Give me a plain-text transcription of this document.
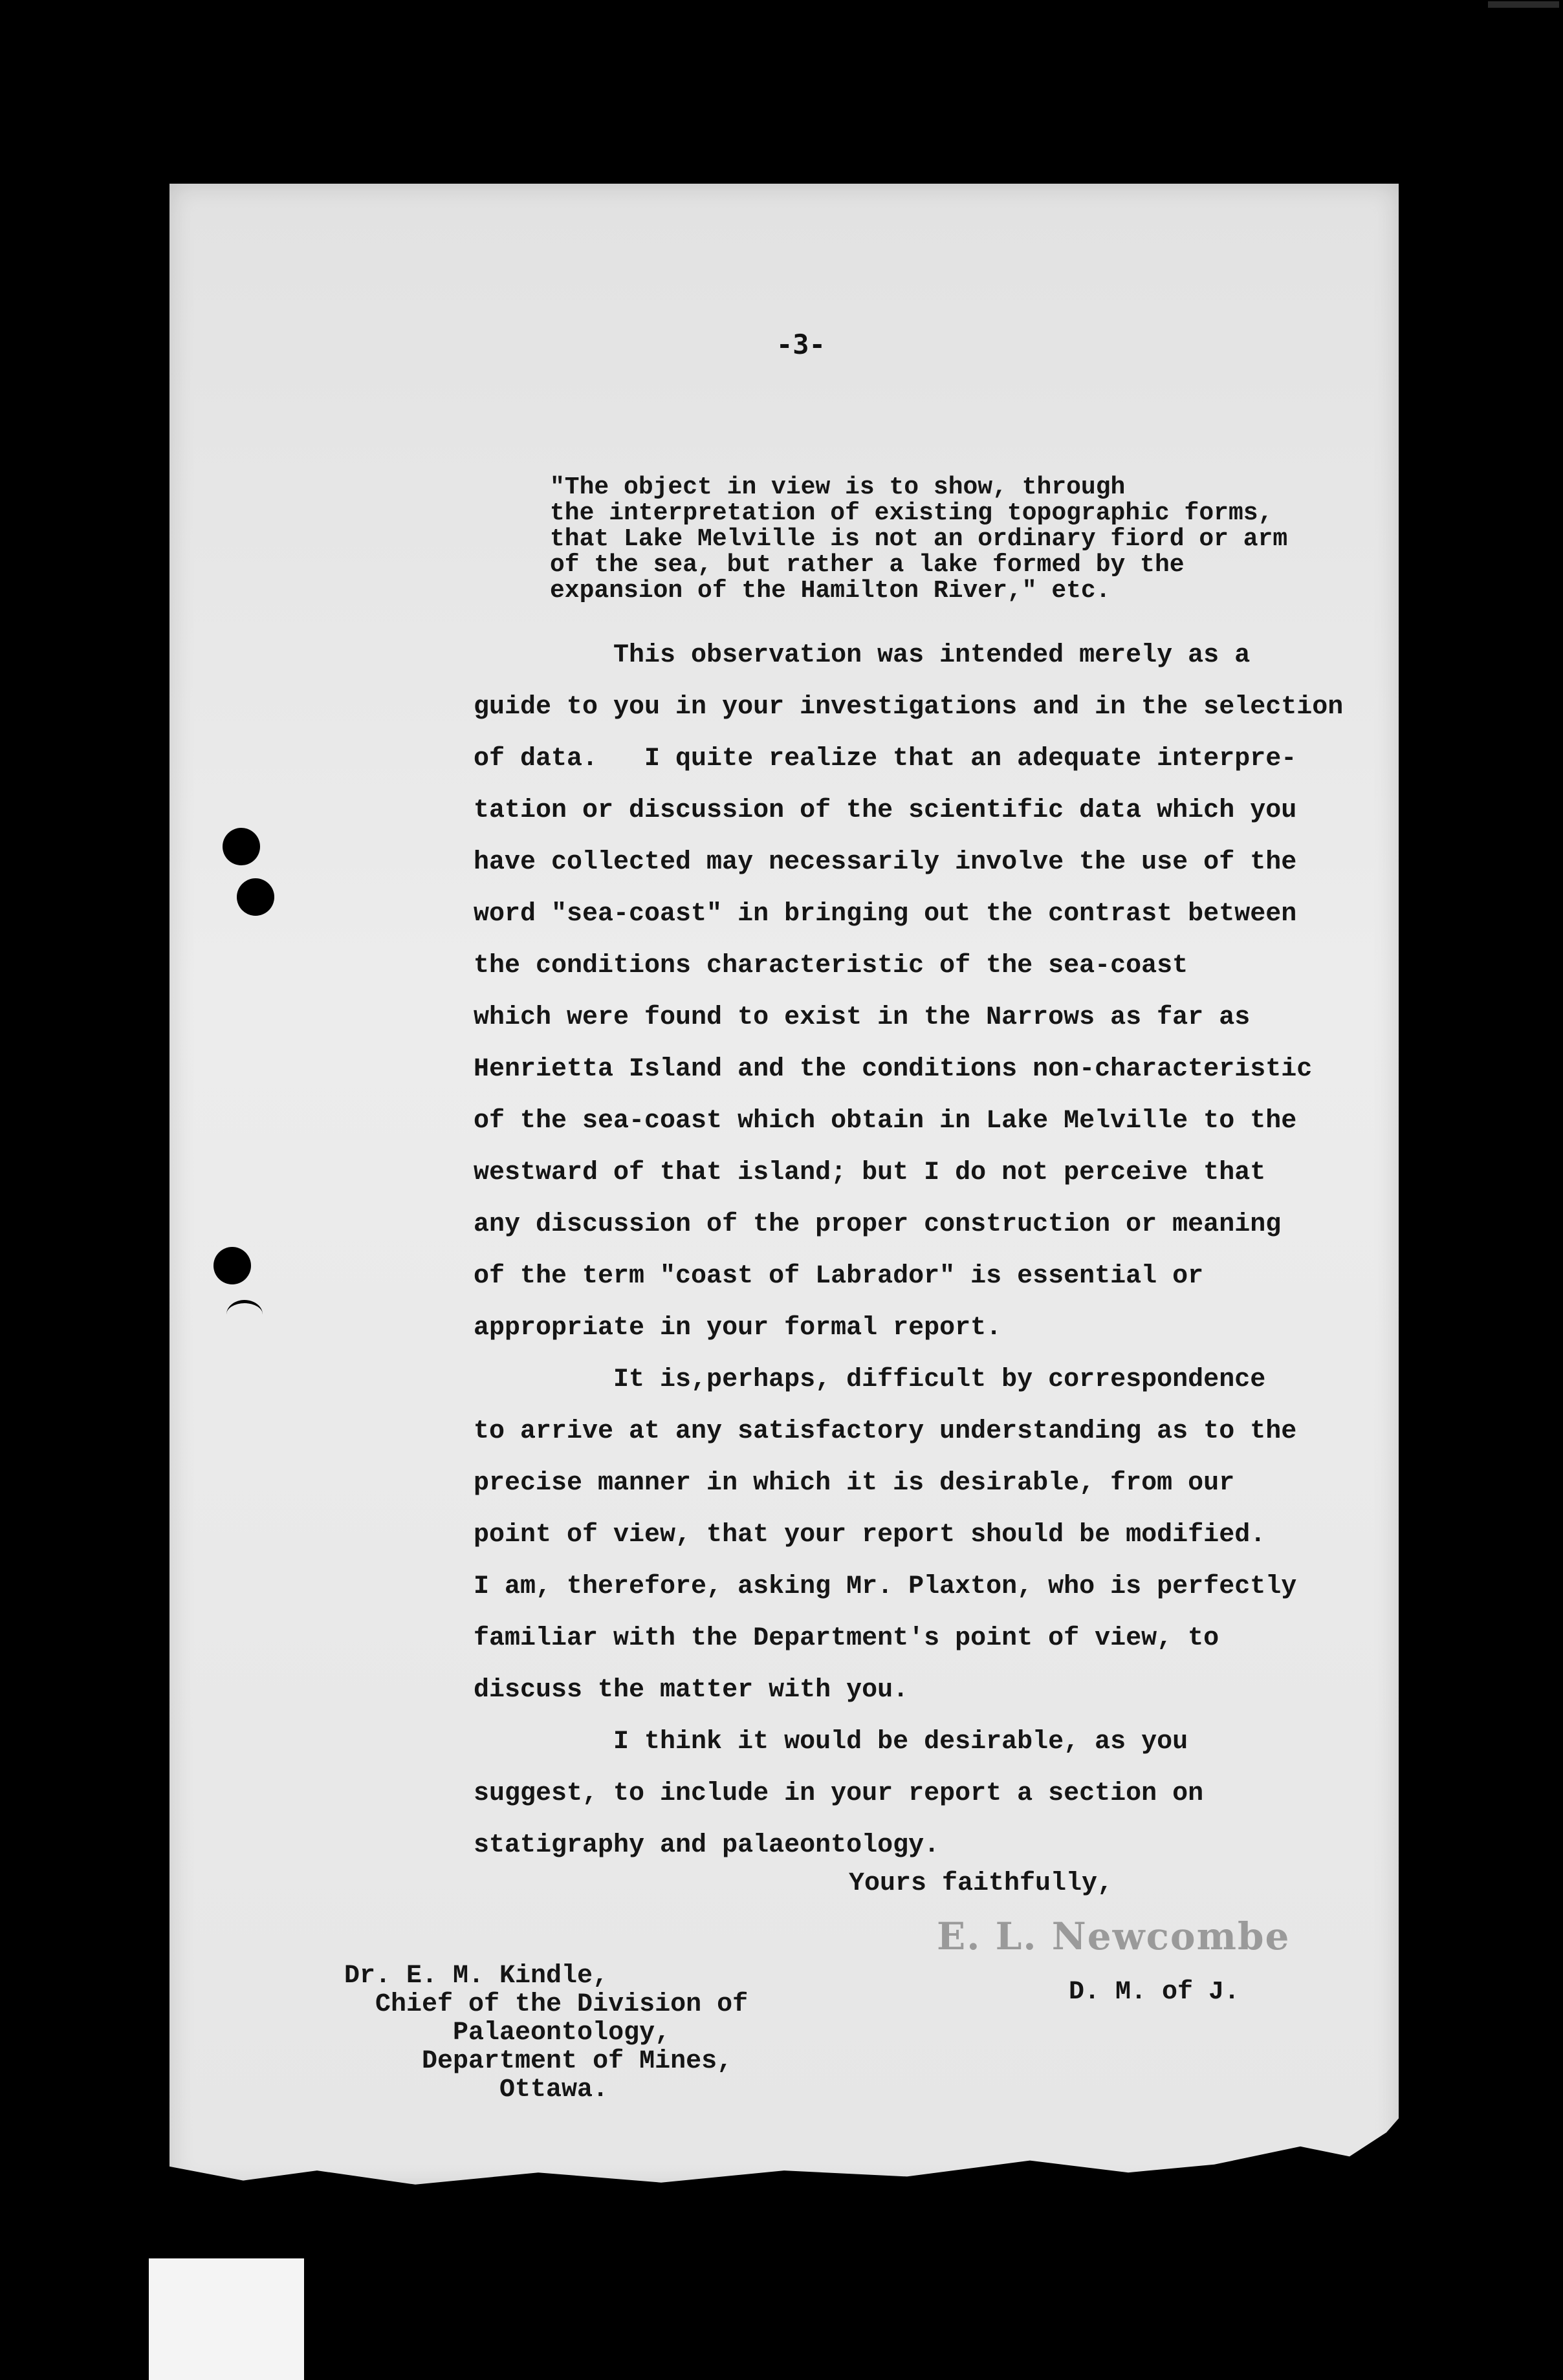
-3-
"The object in view is to show, through
the interpretation of existing topographic forms,
that Lake Melville is not an ordinary fiord or arm
of the sea, but rather a lake formed by the
expansion of the Hamilton River," etc.
This observation was intended merely as a
guide to you in your investigations and in the selection
of data.   I quite realize that an adequate interpre-
tation or discussion of the scientific data which you
have collected may necessarily involve the use of the
word "sea-coast" in bringing out the contrast between
the conditions characteristic of the sea-coast
which were found to exist in the Narrows as far as
Henrietta Island and the conditions non-characteristic
of the sea-coast which obtain in Lake Melville to the
westward of that island; but I do not perceive that
any discussion of the proper construction or meaning
of the term "coast of Labrador" is essential or
appropriate in your formal report.
It is,perhaps, difficult by correspondence
to arrive at any satisfactory understanding as to the
precise manner in which it is desirable, from our
point of view, that your report should be modified.
I am, therefore, asking Mr. Plaxton, who is perfectly
familiar with the Department's point of view, to
discuss the matter with you.
I think it would be desirable, as you
suggest, to include in your report a section on
statigraphy and palaeontology.
Yours faithfully,
E. L. Newcombe
D. M. of J.
Dr. E. M. Kindle,
Chief of the Division of
Palaeontology,
Department of Mines,
Ottawa.
